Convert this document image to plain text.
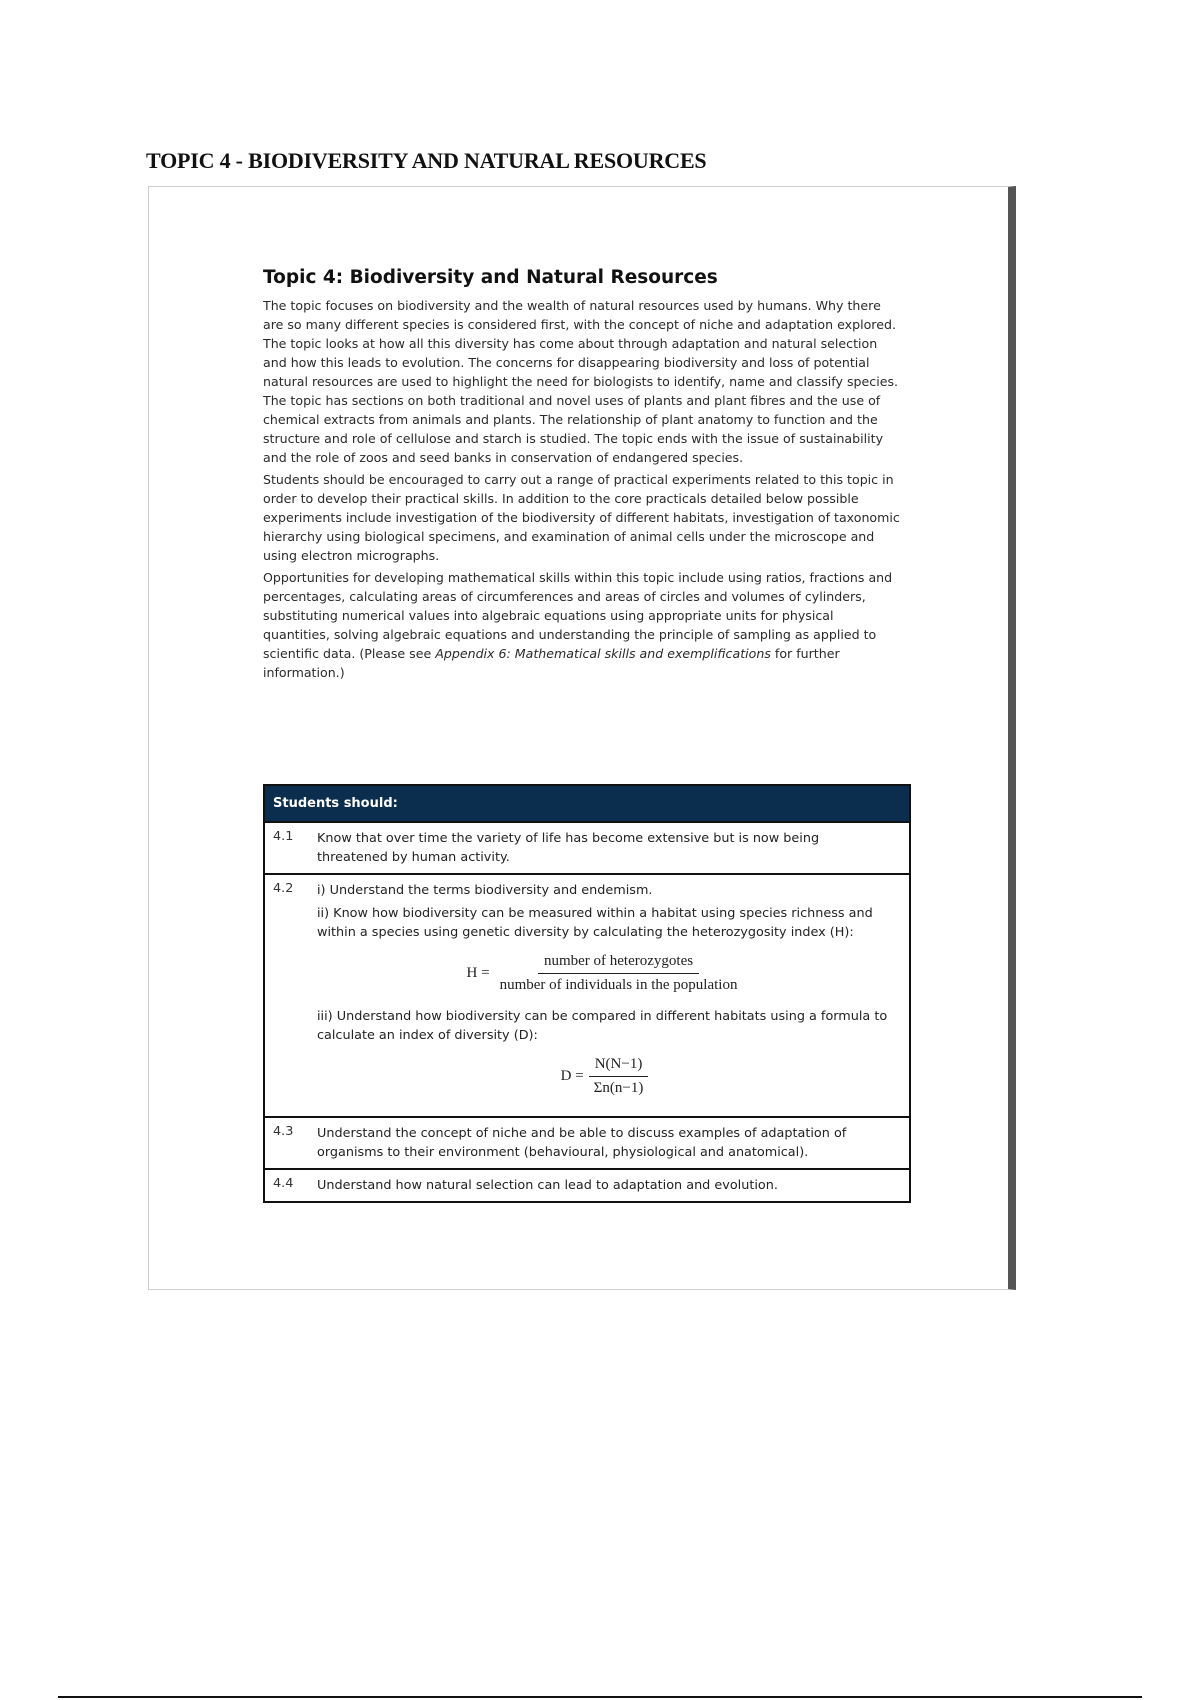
TOPIC 4 - BIODIVERSITY AND NATURAL RESOURCES
Topic 4: Biodiversity and Natural Resources

The topic focuses on biodiversity and the wealth of natural resources used by humans. Why there are so many different species is considered first, with the concept of niche and adaptation explored. The topic looks at how all this diversity has come about through adaptation and natural selection and how this leads to evolution. The concerns for disappearing biodiversity and loss of potential natural resources are used to highlight the need for biologists to identify, name and classify species. The topic has sections on both traditional and novel uses of plants and plant fibres and the use of chemical extracts from animals and plants. The relationship of plant anatomy to function and the structure and role of cellulose and starch is studied. The topic ends with the issue of sustainability and the role of zoos and seed banks in conservation of endangered species.

Students should be encouraged to carry out a range of practical experiments related to this topic in order to develop their practical skills. In addition to the core practicals detailed below possible experiments include investigation of the biodiversity of different habitats, investigation of taxonomic hierarchy using biological specimens, and examination of animal cells under the microscope and using electron micrographs.

Opportunities for developing mathematical skills within this topic include using ratios, fractions and percentages, calculating areas of circumferences and areas of circles and volumes of cylinders, substituting numerical values into algebraic equations using appropriate units for physical quantities, solving algebraic equations and understanding the principle of sampling as applied to scientific data. (Please see Appendix 6: Mathematical skills and exemplifications for further information.)

Students should:
4.1 Know that over time the variety of life has become extensive but is now being threatened by human activity.
4.2 i) Understand the terms biodiversity and endemism.
ii) Know how biodiversity can be measured within a habitat using species richness and within a species using genetic diversity by calculating the heterozygosity index (H):
$H = \frac{\text{number of heterozygotes}}{\text{number of individuals in the population}}$
iii) Understand how biodiversity can be compared in different habitats using a formula to calculate an index of diversity (D):
$D = \frac{N(N-1)}{\Sigma n(n-1)}$

4.3 Understand the concept of niche and be able to discuss examples of adaptation of organisms to their environment (behavioural, physiological and anatomical).
4.4 Understand how natural selection can lead to adaptation and evolution.
